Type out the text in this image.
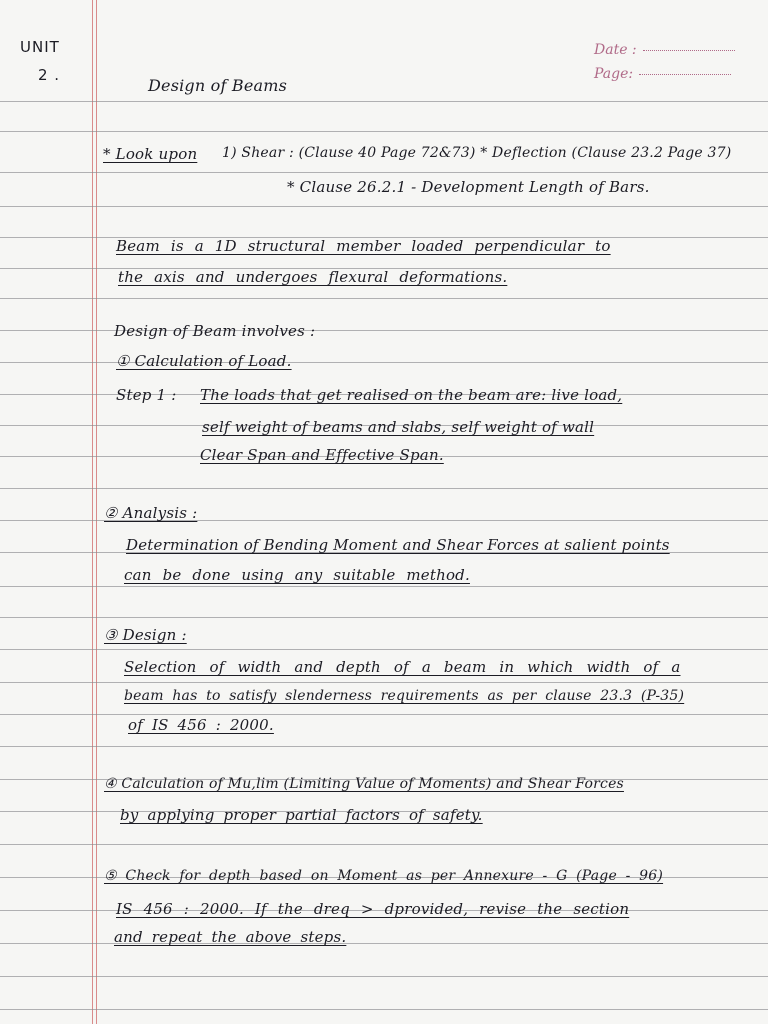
UNIT
2 .
Design of Beams
Date :
Page:
* Look upon 1) Shear : (Clause 40 Page 72&73) * Deflection (Clause 23.2 Page 37)
* Clause 26.2.1 - Development Length of Bars.
Beam is a 1D structural member loaded perpendicular to
the axis and undergoes flexural deformations.
Design of Beam involves :
① Calculation of Load.
Step 1 : The loads that get realised on the beam are: live load,
self weight of beams and slabs, self weight of wall
Clear Span and Effective Span.
② Analysis :
Determination of Bending Moment and Shear Forces at salient points
can be done using any suitable method.
③ Design :
Selection of width and depth of a beam in which width of a
beam has to satisfy slenderness requirements as per clause 23.3 (P-35)
of IS 456 : 2000.
④ Calculation of Mu,lim (Limiting Value of Moments) and Shear Forces
by applying proper partial factors of safety.
⑤ Check for depth based on Moment as per Annexure - G (Page - 96)
IS 456 : 2000. If the dreq > dprovided, revise the section
and repeat the above steps.
